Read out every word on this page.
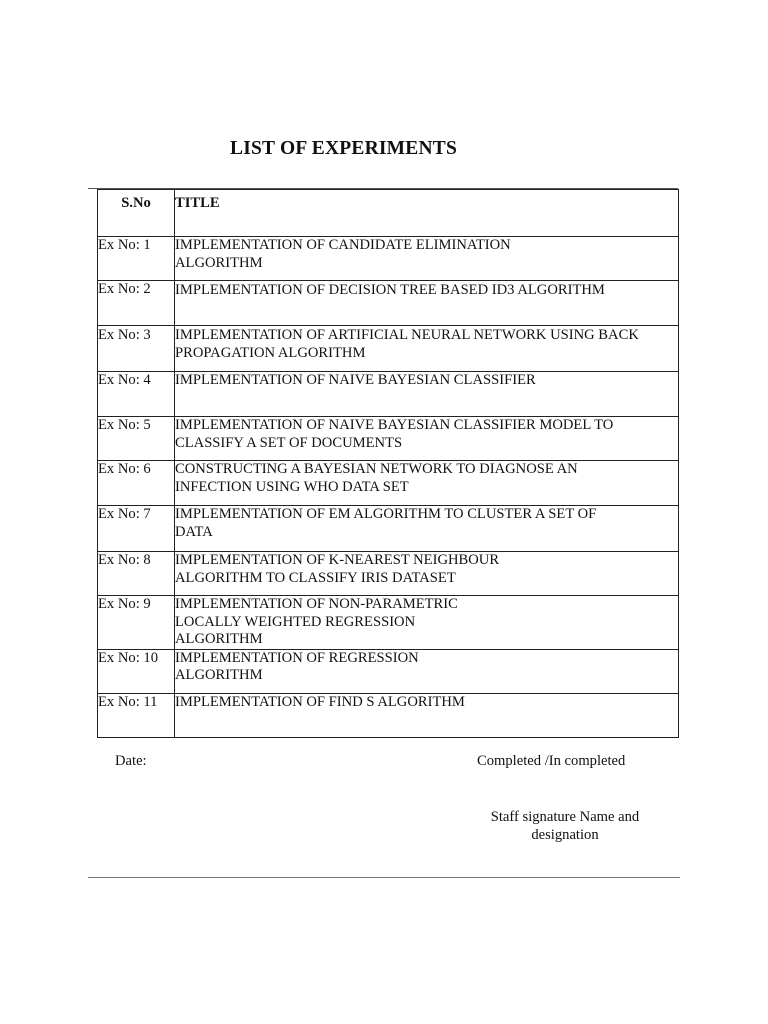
LIST OF EXPERIMENTS
S.No	TITLE
Ex No: 1	IMPLEMENTATION OF CANDIDATE ELIMINATION ALGORITHM

Ex No: 2	IMPLEMENTATION OF DECISION TREE BASED ID3 ALGORITHM

Ex No: 3	IMPLEMENTATION OF ARTIFICIAL NEURAL NETWORK USING BACK PROPAGATION ALGORITHM

Ex No: 4	IMPLEMENTATION OF NAIVE BAYESIAN CLASSIFIER
Ex No: 5	IMPLEMENTATION OF NAIVE BAYESIAN CLASSIFIER MODEL TO CLASSIFY A SET OF DOCUMENTS
Ex No: 6	CONSTRUCTING A BAYESIAN NETWORK TO DIAGNOSE AN INFECTION USING WHO DATA SET

Ex No: 7	IMPLEMENTATION OF EM ALGORITHM TO CLUSTER A SET OF DATA

Ex No: 8	IMPLEMENTATION OF K-NEAREST NEIGHBOUR ALGORITHM TO CLASSIFY IRIS DATASET

Ex No: 9	IMPLEMENTATION OF NON-PARAMETRIC LOCALLY WEIGHTED REGRESSION ALGORITHM

Ex No: 10	IMPLEMENTATION OF REGRESSION ALGORITHM

Ex No: 11	IMPLEMENTATION OF FIND S ALGORITHM
Date:	Completed /In completed
Staff signature Name and designation
